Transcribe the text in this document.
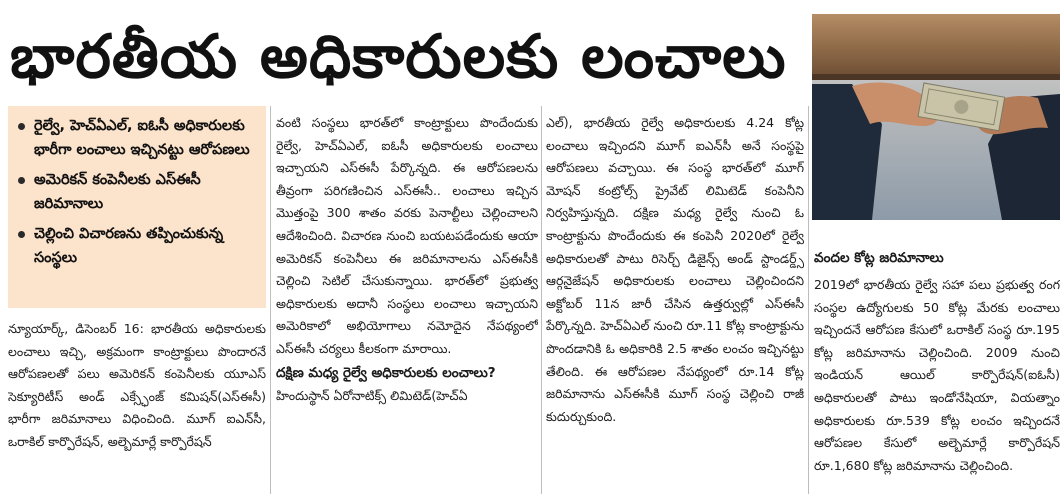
భారతీయ అధికారులకు లంచాలు
రైల్వే, హెచ్‌ఏఎల్, ఐఓసీ అధికారులకు భారీగా లంచాలు ఇచ్చినట్టు ఆరోపణలు
అమెరికన్ కంపెనీలకు ఎస్‌ఈసీ జరిమానాలు
చెల్లించి విచారణను తప్పించుకున్న సంస్థలు

న్యూయార్క్, డిసెంబర్ 16: భారతీయ అధికారులకు లంచాలు ఇచ్చి, అక్రమంగా కాంట్రాక్టులు పొందారనే ఆరోపణలతో పలు అమెరికన్ కంపెనీలకు యూఎస్ సెక్యూరిటీస్ అండ్ ఎక్స్ఛేంజ్ కమిషన్(ఎస్‌ఈసీ) భారీగా జరిమానాలు విధించింది. మూగ్ ఐఎన్‌సీ, ఒరాకిల్ కార్పొరేషన్, అల్బెమార్లే కార్పొరేషన్

వంటి సంస్థలు భారత్‌లో కాంట్రాక్టులు పొందేందుకు రైల్వే, హెచ్‌ఏఎల్, ఐఓసీ అధికారులకు లంచాలు ఇచ్చాయని ఎస్‌ఈసీ పేర్కొన్నది. ఈ ఆరోపణలను తీవ్రంగా పరిగణించిన ఎస్‌ఈసీ.. లంచాలు ఇచ్చిన మొత్తంపై 300 శాతం వరకు పెనాల్టీలు చెల్లించాలని ఆదేశించింది. విచారణ నుంచి బయటపడేందుకు ఆయా అమెరికన్ కంపెనీలు ఈ జరిమానాలను ఎస్‌ఈసీకి చెల్లించి సెటిల్ చేసుకున్నాయి. భారత్‌లో ప్రభుత్వ అధికారులకు అదానీ సంస్థలు లంచాలు ఇచ్చాయని అమెరికాలో అభియోగాలు నమోదైన నేపథ్యంలో ఎస్‌ఈసీ చర్యలు కీలకంగా మారాయి.

దక్షిణ మధ్య రైల్వే అధికారులకు లంచాలు?

హిందుస్థాన్ ఏరోనాటిక్స్ లిమిటెడ్(హెచ్‌ఏ

ఎల్), భారతీయ రైల్వే అధికారులకు 4.24 కోట్ల లంచాలు ఇచ్చిందని మూగ్ ఐఎన్‌సీ అనే సంస్థపై ఆరోపణలు వచ్చాయి. ఈ సంస్థ భారత్‌లో మూగ్ మోషన్ కంట్రోల్స్ ప్రైవేట్ లిమిటెడ్ కంపెనీని నిర్వహిస్తున్నది. దక్షిణ మధ్య రైల్వే నుంచి ఓ కాంట్రాక్టును పొందేందుకు ఈ కంపెనీ 2020లో రైల్వే అధికారులతో పాటు రిసెర్చ్ డిజైన్స్ అండ్ స్టాండర్డ్స్ ఆర్గనైజేషన్ అధికారులకు లంచాలు చెల్లించిందని అక్టోబర్ 11న జారీ చేసిన ఉత్తర్వుల్లో ఎస్‌ఈసీ పేర్కొన్నది. హెచ్‌ఏఎల్ నుంచి రూ.11 కోట్ల కాంట్రాక్టును పొందడానికి ఓ అధికారికి 2.5 శాతం లంచం ఇచ్చినట్టు తేలింది. ఈ ఆరోపణల నేపథ్యంలో రూ.14 కోట్ల జరిమానాను ఎస్‌ఈసీకి మూగ్ సంస్థ చెల్లించి రాజీ కుదుర్చుకుంది.

వందల కోట్ల జరిమానాలు

2019లో భారతీయ రైల్వే సహా పలు ప్రభుత్వ రంగ సంస్థల ఉద్యోగులకు 50 కోట్ల మేరకు లంచాలు ఇచ్చిందనే ఆరోపణ కేసులో ఒరాకిల్ సంస్థ రూ.195 కోట్ల జరిమానాను చెల్లించింది. 2009 నుంచి ఇండియన్ ఆయిల్ కార్పొరేషన్(ఐఓసీ) అధికారులతో పాటు ఇండోనేషియా, వియత్నాం అధికారులకు రూ.539 కోట్ల లంచం ఇచ్చిందనే ఆరోపణల కేసులో అల్బెమార్లే కార్పొరేషన్ రూ.1,680 కోట్ల జరిమానాను చెల్లించింది.
